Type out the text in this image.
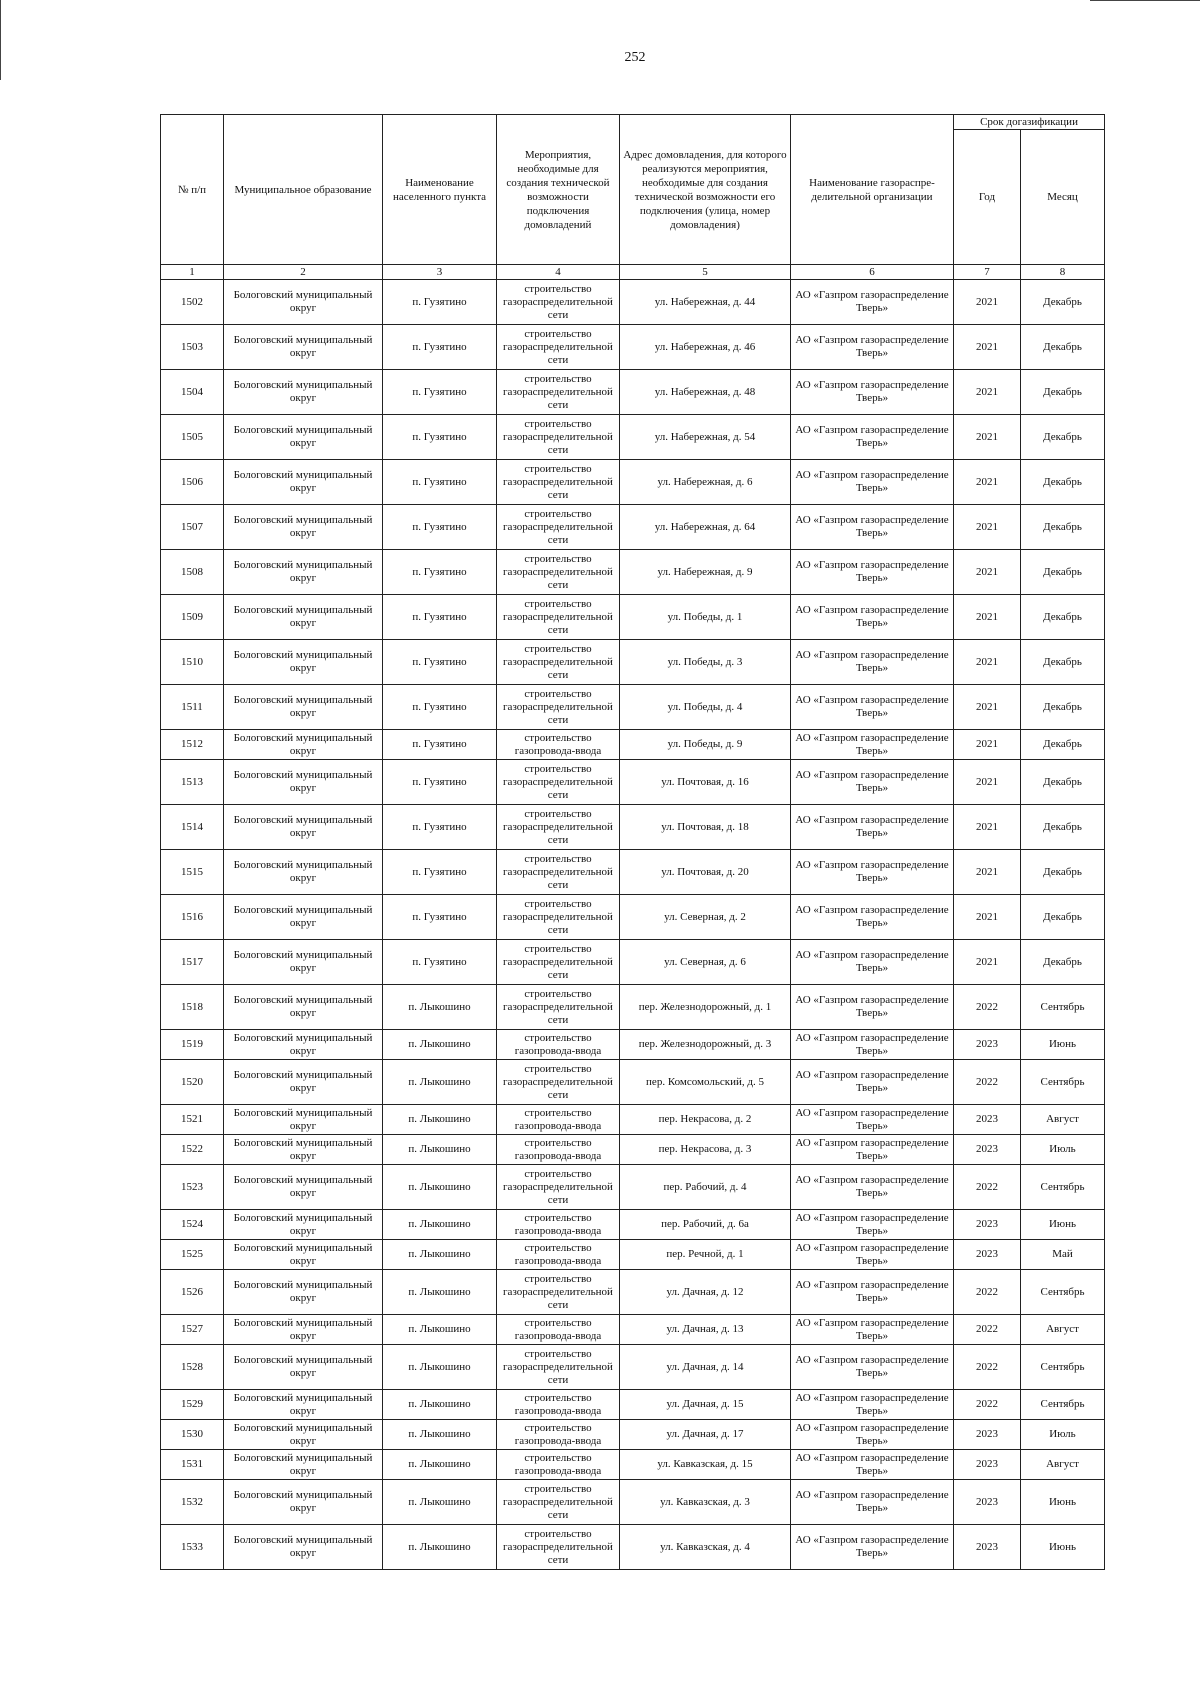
252
№ п/п	Муниципальное образование	Наименование населенного пункта	Мероприятия, необходимые для создания технической возможности подключения домовладений	Адрес домовладения, для которого реализуются мероприятия, необходимые для создания технической возможности его подключения (улица, номер домовладения)	Наименование газораспре-делительной организации	Срок догазификации	
						Год	Месяц
1	2	3	4	5	6	7	8
1502	Бологовский муниципальный округ	п. Гузятино	строительство газораспределительной сети	ул. Набережная, д. 44	АО «Газпром газораспределение Тверь»	2021	Декабрь
1503	Бологовский муниципальный округ	п. Гузятино	строительство газораспределительной сети	ул. Набережная, д. 46	АО «Газпром газораспределение Тверь»	2021	Декабрь
1504	Бологовский муниципальный округ	п. Гузятино	строительство газораспределительной сети	ул. Набережная, д. 48	АО «Газпром газораспределение Тверь»	2021	Декабрь
1505	Бологовский муниципальный округ	п. Гузятино	строительство газораспределительной сети	ул. Набережная, д. 54	АО «Газпром газораспределение Тверь»	2021	Декабрь
1506	Бологовский муниципальный округ	п. Гузятино	строительство газораспределительной сети	ул. Набережная, д. 6	АО «Газпром газораспределение Тверь»	2021	Декабрь
1507	Бологовский муниципальный округ	п. Гузятино	строительство газораспределительной сети	ул. Набережная, д. 64	АО «Газпром газораспределение Тверь»	2021	Декабрь
1508	Бологовский муниципальный округ	п. Гузятино	строительство газораспределительной сети	ул. Набережная, д. 9	АО «Газпром газораспределение Тверь»	2021	Декабрь
1509	Бологовский муниципальный округ	п. Гузятино	строительство газораспределительной сети	ул. Победы, д. 1	АО «Газпром газораспределение Тверь»	2021	Декабрь
1510	Бологовский муниципальный округ	п. Гузятино	строительство газораспределительной сети	ул. Победы, д. 3	АО «Газпром газораспределение Тверь»	2021	Декабрь
1511	Бологовский муниципальный округ	п. Гузятино	строительство газораспределительной сети	ул. Победы, д. 4	АО «Газпром газораспределение Тверь»	2021	Декабрь
1512	Бологовский муниципальный округ	п. Гузятино	строительство газопровода-ввода	ул. Победы, д. 9	АО «Газпром газораспределение Тверь»	2021	Декабрь
1513	Бологовский муниципальный округ	п. Гузятино	строительство газораспределительной сети	ул. Почтовая, д. 16	АО «Газпром газораспределение Тверь»	2021	Декабрь
1514	Бологовский муниципальный округ	п. Гузятино	строительство газораспределительной сети	ул. Почтовая, д. 18	АО «Газпром газораспределение Тверь»	2021	Декабрь
1515	Бологовский муниципальный округ	п. Гузятино	строительство газораспределительной сети	ул. Почтовая, д. 20	АО «Газпром газораспределение Тверь»	2021	Декабрь
1516	Бологовский муниципальный округ	п. Гузятино	строительство газораспределительной сети	ул. Северная, д. 2	АО «Газпром газораспределение Тверь»	2021	Декабрь
1517	Бологовский муниципальный округ	п. Гузятино	строительство газораспределительной сети	ул. Северная, д. 6	АО «Газпром газораспределение Тверь»	2021	Декабрь
1518	Бологовский муниципальный округ	п. Лыкошино	строительство газораспределительной сети	пер. Железнодорожный, д. 1	АО «Газпром газораспределение Тверь»	2022	Сентябрь
1519	Бологовский муниципальный округ	п. Лыкошино	строительство газопровода-ввода	пер. Железнодорожный, д. 3	АО «Газпром газораспределение Тверь»	2023	Июнь
1520	Бологовский муниципальный округ	п. Лыкошино	строительство газораспределительной сети	пер. Комсомольский, д. 5	АО «Газпром газораспределение Тверь»	2022	Сентябрь
1521	Бологовский муниципальный округ	п. Лыкошино	строительство газопровода-ввода	пер. Некрасова, д. 2	АО «Газпром газораспределение Тверь»	2023	Август
1522	Бологовский муниципальный округ	п. Лыкошино	строительство газопровода-ввода	пер. Некрасова, д. 3	АО «Газпром газораспределение Тверь»	2023	Июль
1523	Бологовский муниципальный округ	п. Лыкошино	строительство газораспределительной сети	пер. Рабочий, д. 4	АО «Газпром газораспределение Тверь»	2022	Сентябрь
1524	Бологовский муниципальный округ	п. Лыкошино	строительство газопровода-ввода	пер. Рабочий, д. 6а	АО «Газпром газораспределение Тверь»	2023	Июнь
1525	Бологовский муниципальный округ	п. Лыкошино	строительство газопровода-ввода	пер. Речной, д. 1	АО «Газпром газораспределение Тверь»	2023	Май
1526	Бологовский муниципальный округ	п. Лыкошино	строительство газораспределительной сети	ул. Дачная, д. 12	АО «Газпром газораспределение Тверь»	2022	Сентябрь
1527	Бологовский муниципальный округ	п. Лыкошино	строительство газопровода-ввода	ул. Дачная, д. 13	АО «Газпром газораспределение Тверь»	2022	Август
1528	Бологовский муниципальный округ	п. Лыкошино	строительство газораспределительной сети	ул. Дачная, д. 14	АО «Газпром газораспределение Тверь»	2022	Сентябрь
1529	Бологовский муниципальный округ	п. Лыкошино	строительство газопровода-ввода	ул. Дачная, д. 15	АО «Газпром газораспределение Тверь»	2022	Сентябрь
1530	Бологовский муниципальный округ	п. Лыкошино	строительство газопровода-ввода	ул. Дачная, д. 17	АО «Газпром газораспределение Тверь»	2023	Июль
1531	Бологовский муниципальный округ	п. Лыкошино	строительство газопровода-ввода	ул. Кавказская, д. 15	АО «Газпром газораспределение Тверь»	2023	Август
1532	Бологовский муниципальный округ	п. Лыкошино	строительство газораспределительной сети	ул. Кавказская, д. 3	АО «Газпром газораспределение Тверь»	2023	Июнь
1533	Бологовский муниципальный округ	п. Лыкошино	строительство газораспределительной сети	ул. Кавказская, д. 4	АО «Газпром газораспределение Тверь»	2023	Июнь
